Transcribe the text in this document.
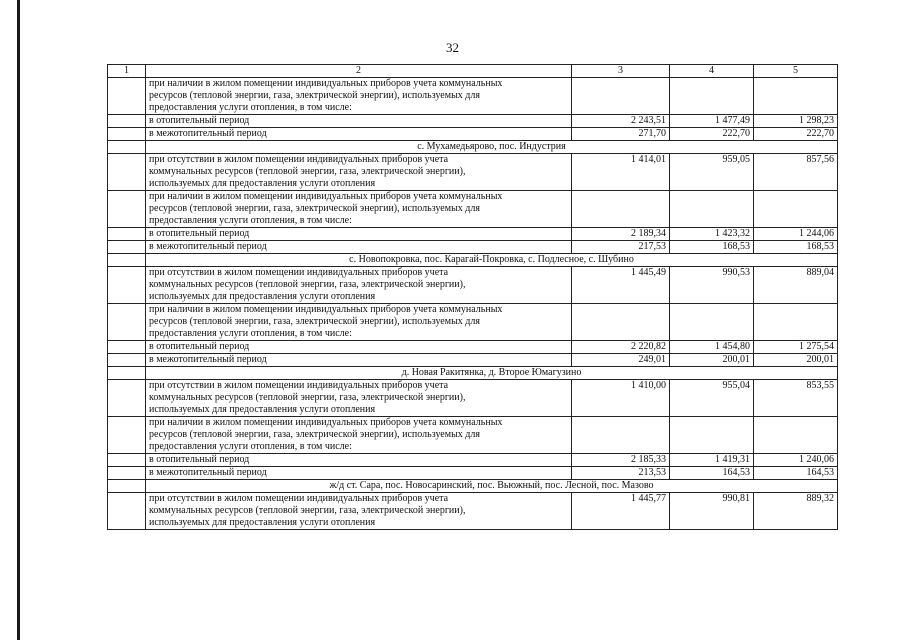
32
1	2	3	4	5
	при наличии в жилом помещении индивидуальных приборов учета коммунальных
ресурсов (тепловой энергии, газа, электрической энергии), используемых для
предоставления услуги отопления, в том числе:			
	в отопительный период	2 243,51	1 477,49	1 298,23
	в межотопительный период	271,70	222,70	222,70
	с. Мухамедьярово, пос. Индустрия			
	при отсутствии в жилом помещении индивидуальных приборов учета
коммунальных ресурсов (тепловой энергии, газа, электрической энергии),
используемых для предоставления услуги отопления	1 414,01	959,05	857,56
	при наличии в жилом помещении индивидуальных приборов учета коммунальных
ресурсов (тепловой энергии, газа, электрической энергии), используемых для
предоставления услуги отопления, в том числе:			
	в отопительный период	2 189,34	1 423,32	1 244,06
	в межотопительный период	217,53	168,53	168,53
	с. Новопокровка, пос. Карагай-Покровка, с. Подлесное, с. Шубино			
	при отсутствии в жилом помещении индивидуальных приборов учета
коммунальных ресурсов (тепловой энергии, газа, электрической энергии),
используемых для предоставления услуги отопления	1 445,49	990,53	889,04
	при наличии в жилом помещении индивидуальных приборов учета коммунальных
ресурсов (тепловой энергии, газа, электрической энергии), используемых для
предоставления услуги отопления, в том числе:			
	в отопительный период	2 220,82	1 454,80	1 275,54
	в межотопительный период	249,01	200,01	200,01
	д. Новая Ракитянка, д. Второе Юмагузино			
	при отсутствии в жилом помещении индивидуальных приборов учета
коммунальных ресурсов (тепловой энергии, газа, электрической энергии),
используемых для предоставления услуги отопления	1 410,00	955,04	853,55
	при наличии в жилом помещении индивидуальных приборов учета коммунальных
ресурсов (тепловой энергии, газа, электрической энергии), используемых для
предоставления услуги отопления, в том числе:			
	в отопительный период	2 185,33	1 419,31	1 240,06
	в межотопительный период	213,53	164,53	164,53
	ж/д ст. Сара, пос. Новосаринский, пос. Вьюжный, пос. Лесной, пос. Мазово			
	при отсутствии в жилом помещении индивидуальных приборов учета
коммунальных ресурсов (тепловой энергии, газа, электрической энергии),
используемых для предоставления услуги отопления	1 445,77	990,81	889,32
